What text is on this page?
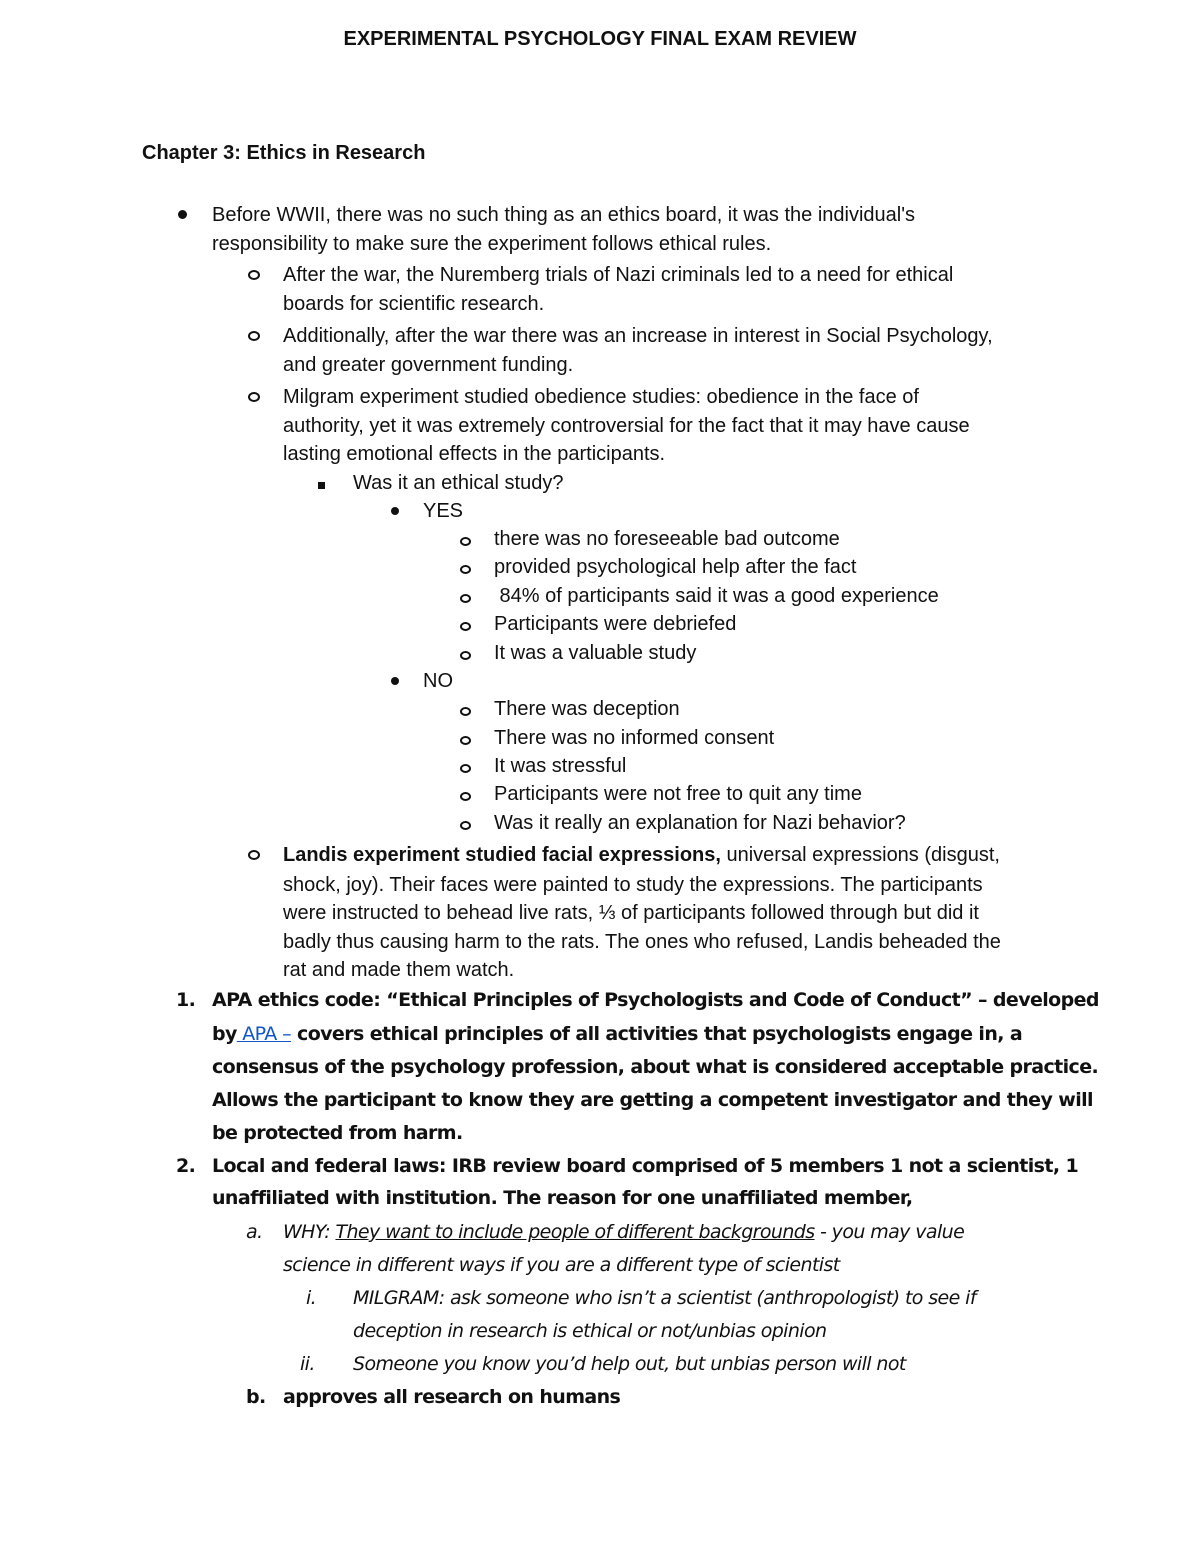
EXPERIMENTAL PSYCHOLOGY FINAL EXAM REVIEW
Chapter 3: Ethics in Research
Before WWII, there was no such thing as an ethics board, it was the individual's
responsibility to make sure the experiment follows ethical rules.
After the war, the Nuremberg trials of Nazi criminals led to a need for ethical
boards for scientific research.
Additionally, after the war there was an increase in interest in Social Psychology,
and greater government funding.
Milgram experiment studied obedience studies: obedience in the face of
authority, yet it was extremely controversial for the fact that it may have cause
lasting emotional effects in the participants.
Was it an ethical study?
YES
there was no foreseeable bad outcome
provided psychological help after the fact
84% of participants said it was a good experience
Participants were debriefed
It was a valuable study
NO
There was deception
There was no informed consent
It was stressful
Participants were not free to quit any time
Was it really an explanation for Nazi behavior?
Landis experiment studied facial expressions, universal expressions (disgust,
shock, joy). Their faces were painted to study the expressions. The participants
were instructed to behead live rats, ⅓ of participants followed through but did it
badly thus causing harm to the rats. The ones who refused, Landis beheaded the
rat and made them watch.
1. APA ethics code: “Ethical Principles of Psychologists and Code of Conduct” – developed
by APA – covers ethical principles of all activities that psychologists engage in, a
consensus of the psychology profession, about what is considered acceptable practice.
Allows the participant to know they are getting a competent investigator and they will
be protected from harm.
2. Local and federal laws: IRB review board comprised of 5 members 1 not a scientist, 1
unaffiliated with institution. The reason for one unaffiliated member,
a. WHY: They want to include people of different backgrounds - you may value
science in different ways if you are a different type of scientist
i. MILGRAM: ask someone who isn’t a scientist (anthropologist) to see if
deception in research is ethical or not/unbias opinion
ii. Someone you know you’d help out, but unbias person will not
b. approves all research on humans
